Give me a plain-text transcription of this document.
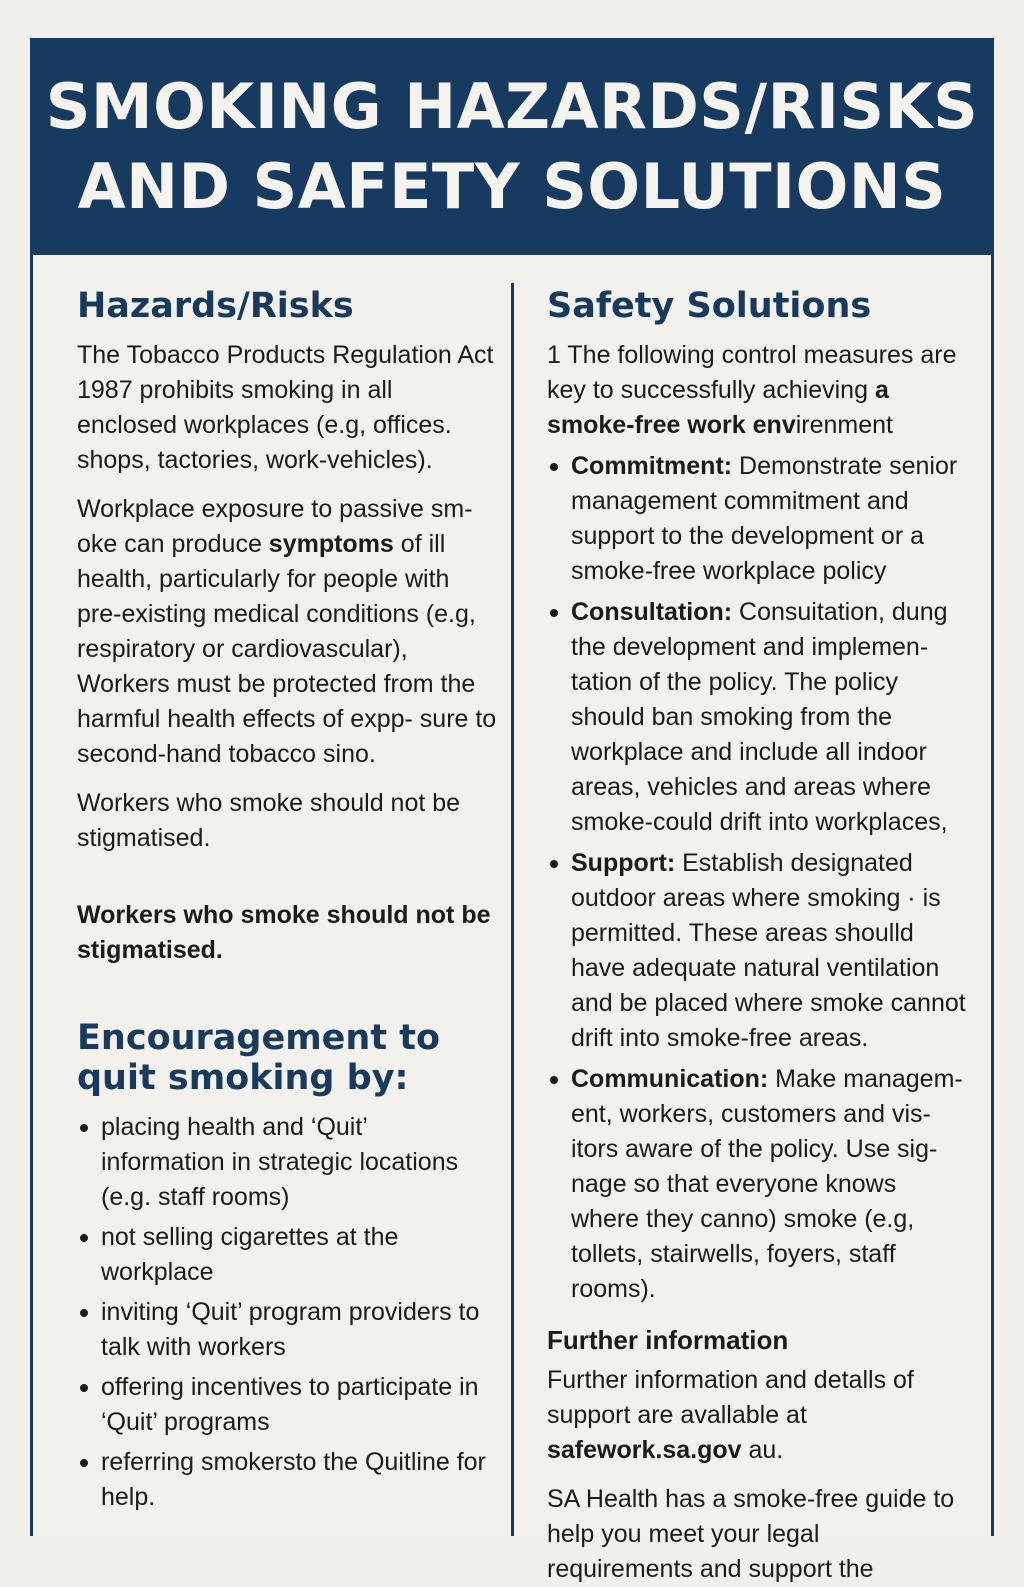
SMOKING HAZARDS/RISKS
AND SAFETY SOLUTIONS
Hazards/Risks

The Tobacco Products Regulation Act 1987 prohibits smoking in all enclosed workplaces (e.g, offices. shops, tactories, work-vehicles).

Workplace exposure to passive sm- oke can produce symptoms of ill health, particularly for people with pre-existing medical conditions (e.g, respiratory or cardiovascular), Workers must be protected from the harmful health effects of expp- sure to second-hand tobacco sino.

Workers who smoke should not be stigmatised.

Workers who smoke should not be stigmatised.

Encouragement to quit smoking by:
placing health and ‘Quit’ information in strategic locations (e.g. staff rooms)
not selling cigarettes at the workplace
inviting ‘Quit’ program providers to talk with workers
offering incentives to participate in ‘Quit’ programs
referring smokersto the Quitline for help.
Safety Solutions

1 The following control measures are key to successfully achieving a smoke-free work envirenment

Commitment: Demonstrate senior management commitment and support to the development or a smoke-free workplace policy
Consultation: Consuitation, dung the development and implemen- tation of the policy. The policy should ban smoking from the workplace and include all indoor areas, vehicles and areas where smoke-could drift into workplaces,
Support: Establish designated outdoor areas where smoking · is permitted. These areas shoulld have adequate natural ventilation and be placed where smoke cannot drift into smoke-free areas.
Communication: Make managem- ent, workers, customers and vis- itors aware of the policy. Use sig- nage so that everyone knows where they canno) smoke (e.g, tollets, stairwells, foyers, staff rooms).
Further information

Further information and detalls of support are avallable at safework.sa.gov au.

SA Health has a smoke-free guide to help you meet your legal requirements and support the
